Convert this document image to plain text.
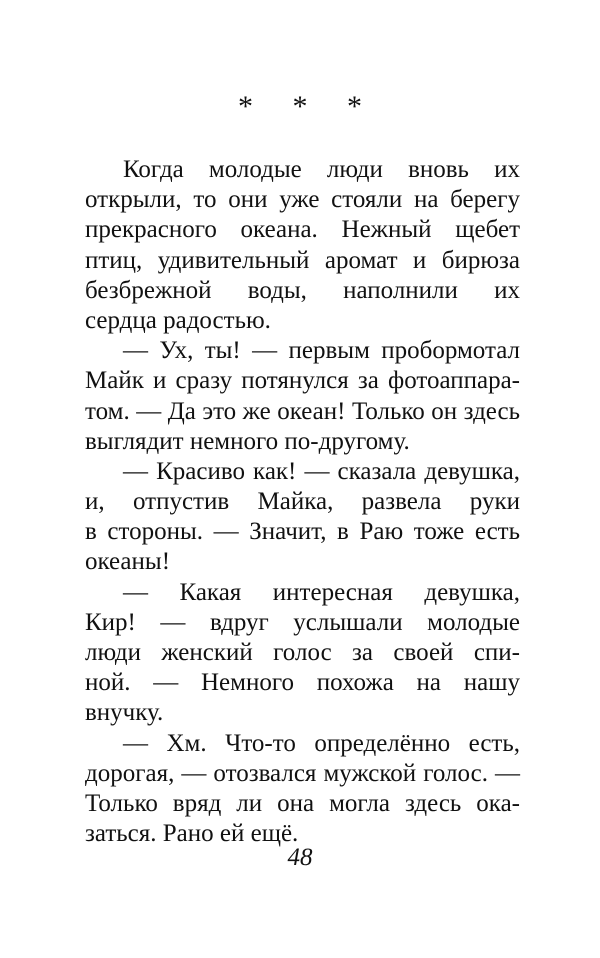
* * *
Когда молодые люди вновь их
открыли, то они уже стояли на берегу
прекрасного океана. Нежный щебет
птиц, удивительный аромат и бирюза
безбрежной воды, наполнили их
сердца радостью.
— Ух, ты! — первым пробормотал
Майк и сразу потянулся за фотоаппара-
том. — Да это же океан! Только он здесь
выглядит немного по-другому.
— Красиво как! — сказала девушка,
и, отпустив Майка, развела руки
в стороны. — Значит, в Раю тоже есть
океаны!
— Какая интересная девушка,
Кир! — вдруг услышали молодые
люди женский голос за своей спи-
ной. — Немного похожа на нашу
внучку.
— Хм. Что-то определённо есть,
дорогая, — отозвался мужской голос. —
Только вряд ли она могла здесь ока-
заться. Рано ей ещё.
48
